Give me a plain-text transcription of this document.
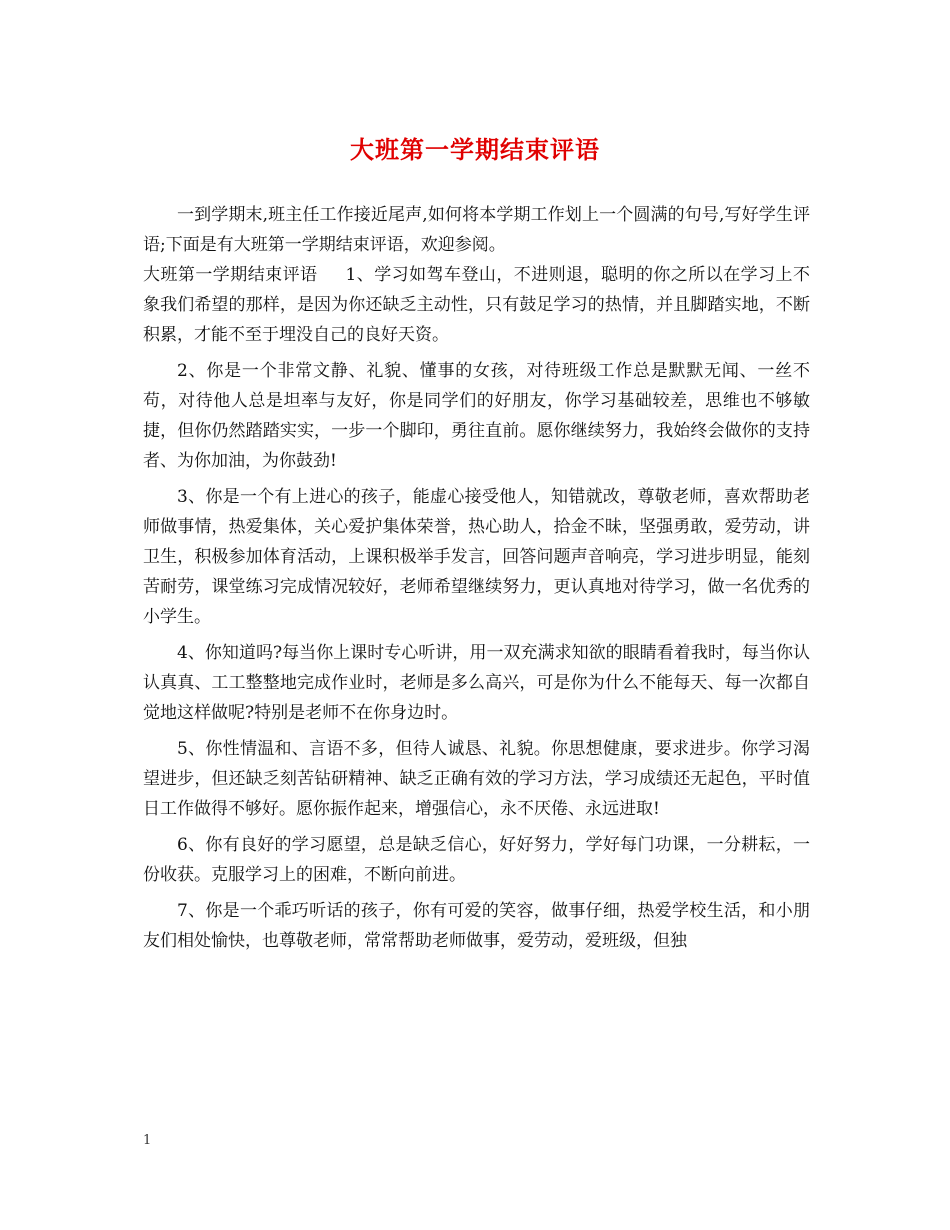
大班第一学期结束评语

一到学期末,班主任工作接近尾声,如何将本学期工作划上一个圆满的句号,写好学生评语;下面是有大班第一学期结束评语，欢迎参阅。

大班第一学期结束评语 1、学习如驾车登山，不进则退，聪明的你之所以在学习上不象我们希望的那样，是因为你还缺乏主动性，只有鼓足学习的热情，并且脚踏实地，不断积累，才能不至于埋没自己的良好天资。

2、你是一个非常文静、礼貌、懂事的女孩，对待班级工作总是默默无闻、一丝不苟，对待他人总是坦率与友好，你是同学们的好朋友，你学习基础较差，思维也不够敏捷，但你仍然踏踏实实，一步一个脚印，勇往直前。愿你继续努力，我始终会做你的支持者、为你加油，为你鼓劲!

3、你是一个有上进心的孩子，能虚心接受他人，知错就改，尊敬老师，喜欢帮助老师做事情，热爱集体，关心爱护集体荣誉，热心助人，拾金不昧，坚强勇敢，爱劳动，讲卫生，积极参加体育活动，上课积极举手发言，回答问题声音响亮，学习进步明显，能刻苦耐劳，课堂练习完成情况较好，老师希望继续努力，更认真地对待学习，做一名优秀的小学生。

4、你知道吗?每当你上课时专心听讲，用一双充满求知欲的眼睛看着我时，每当你认认真真、工工整整地完成作业时，老师是多么高兴，可是你为什么不能每天、每一次都自觉地这样做呢?特别是老师不在你身边时。

5、你性情温和、言语不多，但待人诚恳、礼貌。你思想健康，要求进步。你学习渴望进步，但还缺乏刻苦钻研精神、缺乏正确有效的学习方法，学习成绩还无起色，平时值日工作做得不够好。愿你振作起来，增强信心，永不厌倦、永远进取!

6、你有良好的学习愿望，总是缺乏信心，好好努力，学好每门功课，一分耕耘，一份收获。克服学习上的困难，不断向前进。

7、你是一个乖巧听话的孩子，你有可爱的笑容，做事仔细，热爱学校生活，和小朋友们相处愉快，也尊敬老师，常常帮助老师做事，爱劳动，爱班级，但独

1
